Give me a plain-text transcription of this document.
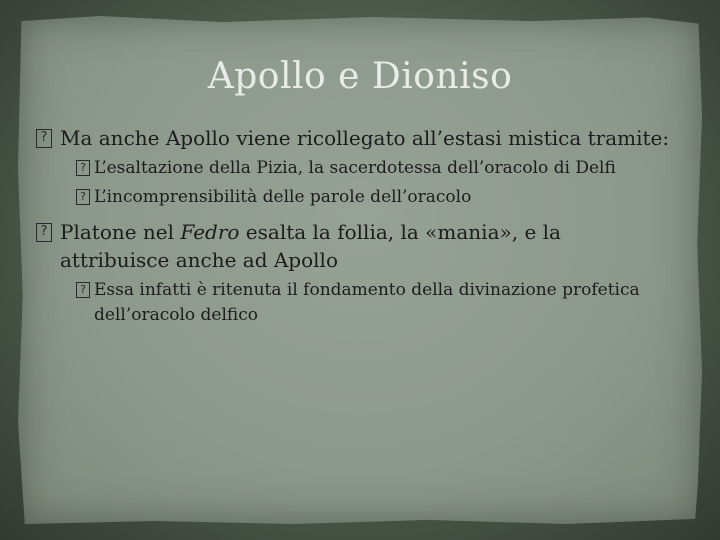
Apollo e Dioniso
?
Ma anche Apollo viene ricollegato all’estasi mistica tramite:
?
L’esaltazione della Pizia, la sacerdotessa dell’oracolo di Delfi
?
L’incomprensibilità delle parole dell’oracolo
?
Platone nel Fedro esalta la follia, la «mania», e la attribuisce anche ad Apollo
?
Essa infatti è ritenuta il fondamento della divinazione profetica dell’oracolo delfico
